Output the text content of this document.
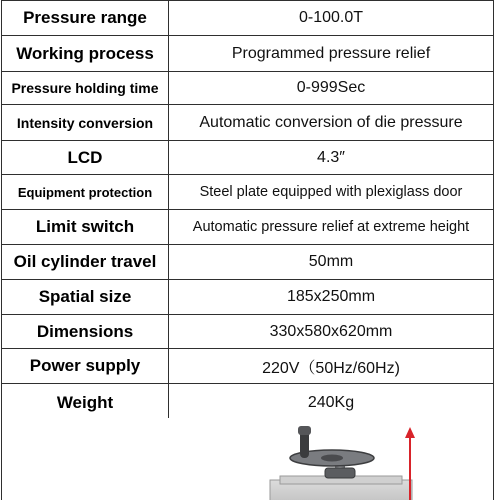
Pressure range	0-100.0T
Working process	Programmed pressure relief
Pressure holding time	0-999Sec
Intensity conversion	Automatic conversion of die pressure
LCD	4.3″
Equipment protection	Steel plate equipped with plexiglass door
Limit switch	Automatic pressure relief at extreme height
Oil cylinder travel	50mm
Spatial size	185x250mm
Dimensions	330x580x620mm
Power supply	220V（50Hz/60Hz)
Weight	240Kg
